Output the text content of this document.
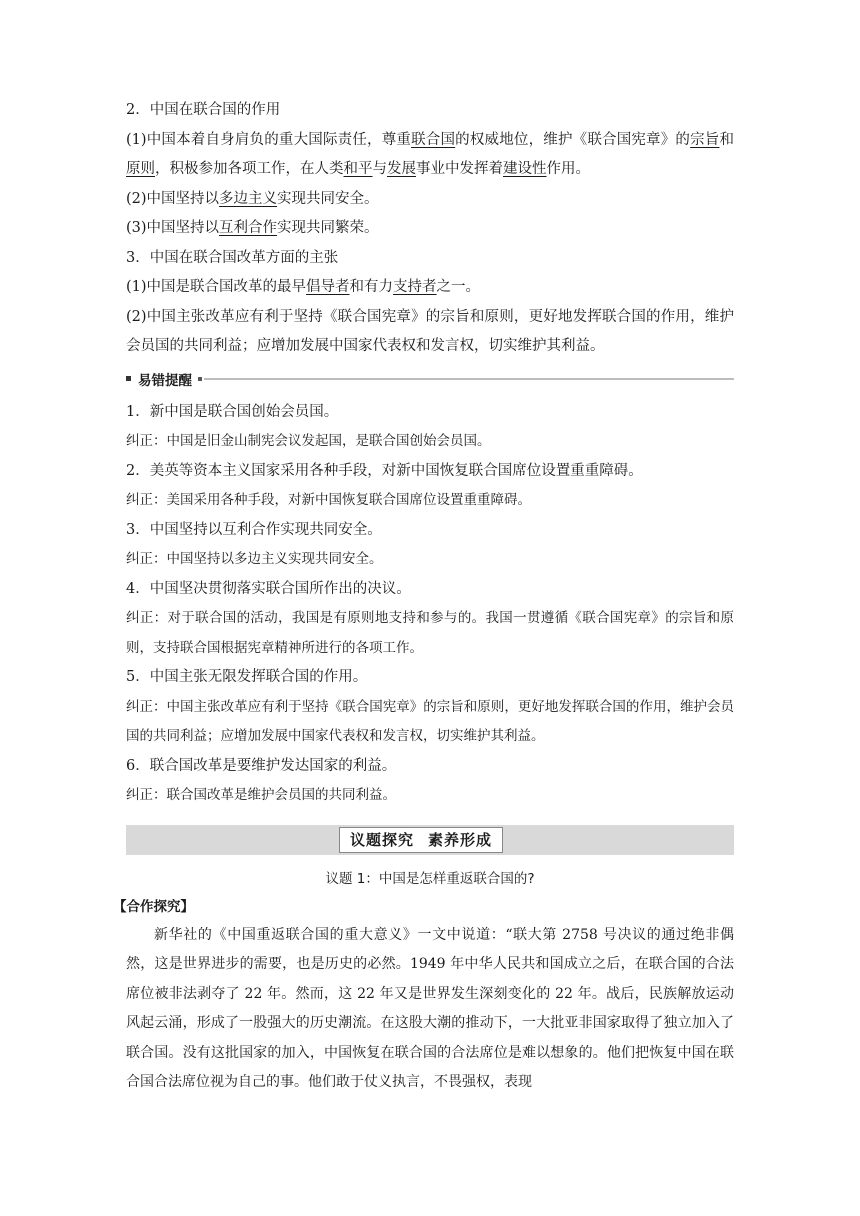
2．中国在联合国的作用
(1)中国本着自身肩负的重大国际责任，尊重联合国的权威地位，维护《联合国宪章》的宗旨和原则，积极参加各项工作，在人类和平与发展事业中发挥着建设性作用。
(2)中国坚持以多边主义实现共同安全。
(3)中国坚持以互利合作实现共同繁荣。
3．中国在联合国改革方面的主张
(1)中国是联合国改革的最早倡导者和有力支持者之一。
(2)中国主张改革应有利于坚持《联合国宪章》的宗旨和原则，更好地发挥联合国的作用，维护会员国的共同利益；应增加发展中国家代表权和发言权，切实维护其利益。
易错提醒
1．新中国是联合国创始会员国。
纠正：中国是旧金山制宪会议发起国，是联合国创始会员国。
2．美英等资本主义国家采用各种手段，对新中国恢复联合国席位设置重重障碍。
纠正：美国采用各种手段，对新中国恢复联合国席位设置重重障碍。
3．中国坚持以互利合作实现共同安全。
纠正：中国坚持以多边主义实现共同安全。
4．中国坚决贯彻落实联合国所作出的决议。
纠正：对于联合国的活动，我国是有原则地支持和参与的。我国一贯遵循《联合国宪章》的宗旨和原则，支持联合国根据宪章精神所进行的各项工作。
5．中国主张无限发挥联合国的作用。
纠正：中国主张改革应有利于坚持《联合国宪章》的宗旨和原则，更好地发挥联合国的作用，维护会员国的共同利益；应增加发展中国家代表权和发言权，切实维护其利益。
6．联合国改革是要维护发达国家的利益。
纠正：联合国改革是维护会员国的共同利益。
议题探究 素养形成
议题 1：中国是怎样重返联合国的?
【合作探究】
新华社的《中国重返联合国的重大意义》一文中说道：“联大第 2758 号决议的通过绝非偶然，这是世界进步的需要，也是历史的必然。1949 年中华人民共和国成立之后，在联合国的合法席位被非法剥夺了 22 年。然而，这 22 年又是世界发生深刻变化的 22 年。战后，民族解放运动风起云涌，形成了一股强大的历史潮流。在这股大潮的推动下，一大批亚非国家取得了独立加入了联合国。没有这批国家的加入，中国恢复在联合国的合法席位是难以想象的。他们把恢复中国在联合国合法席位视为自己的事。他们敢于仗义执言，不畏强权，表现
